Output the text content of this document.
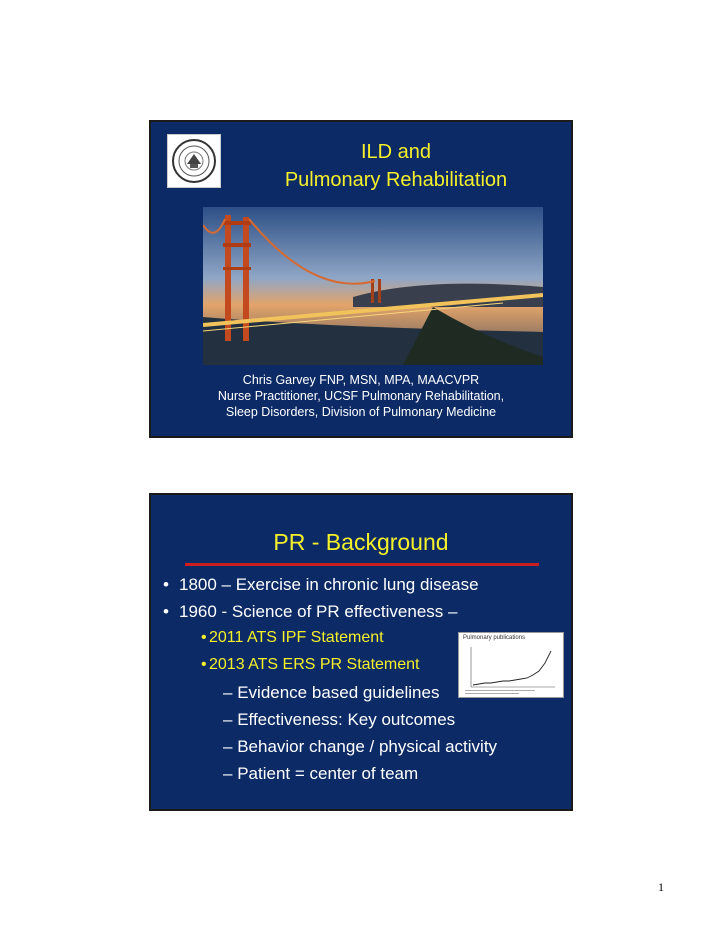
ILD and
Pulmonary Rehabilitation
Chris Garvey FNP, MSN, MPA, MAACVPR
Nurse Practitioner, UCSF Pulmonary Rehabilitation,
Sleep Disorders, Division of Pulmonary Medicine
PR - Background
• 1800 – Exercise in chronic lung disease
• 1960 - Science of PR effectiveness –
• 2011 ATS IPF Statement
• 2013 ATS ERS PR Statement
– Evidence based guidelines
– Effectiveness: Key outcomes
– Behavior change / physical activity
– Patient = center of team
Pulmonary publications
1
